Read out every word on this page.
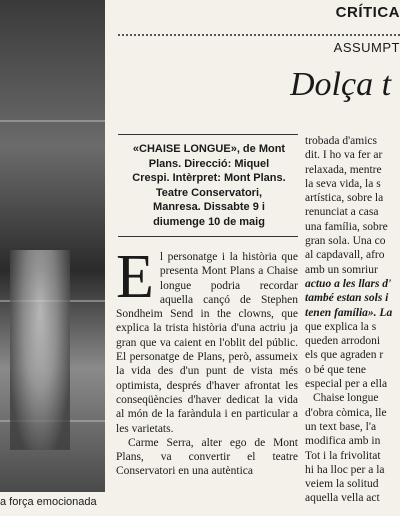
a força emocionada
CRÍTICA
ASSUMPT
Dolça t
«CHAISE LONGUE», de Mont
Plans. Direcció: Miquel
Crespi. Intèrpret: Mont Plans.
Teatre Conservatori,
Manresa. Dissabte 9 i
diumenge 10 de maig

El personatge i la història que presenta Mont Plans a Chaise longue podria recordar aquella cançó de Stephen Sondheim Send in the clowns, que explica la trista història d'una actriu ja gran que va caient en l'oblit del públic. El personatge de Plans, però, assumeix la vida des d'un punt de vista més optimista, després d'haver afrontat les conseqüències d'haver dedicat la vida al món de la faràndula i en particular a les varietats.

Carme Serra, alter ego de Mont Plans, va convertir el teatre Conservatori en una autèntica

trobada d'amics
dit. I ho va fer ar
relaxada, mentre
la seva vida, la s
artística, sobre la
renunciat a casa
una família, sobre
gran sola. Una co
al capdavall, afro
amb un somriur
actuo a les llars d'
també estan sols i
tenen família». La
que explica la s
queden arrodoni
els que agraden r
o bé que tene
especial per a ella
Chaise longue
d'obra còmica, lle
un text base, l'a
modifica amb in
Tot i la frivolitat
hi ha lloc per a la
veiem la solitud
aquella vella act
